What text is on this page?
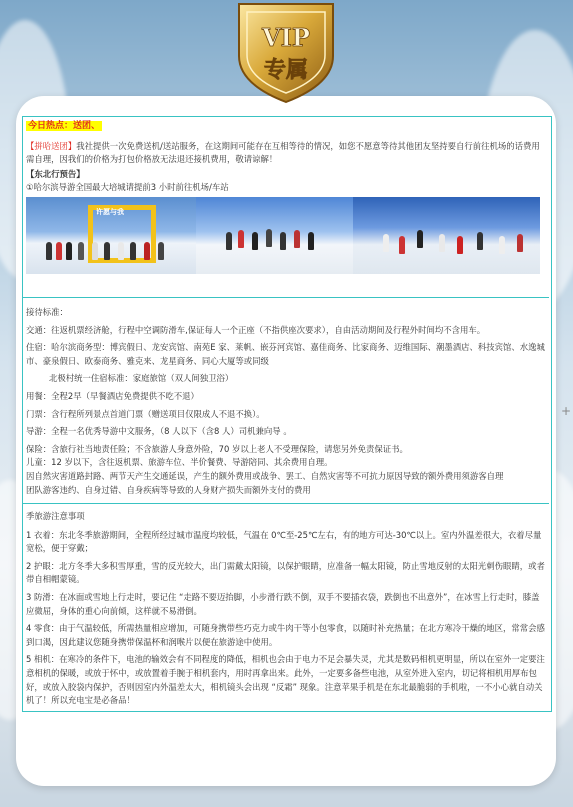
VIP
专属
+

今日热点：送团、

【拼哈送团】我社提供一次免费送机/送站服务，在这期间可能存在互相等待的情况，如您不愿意等待其他团友坚持要自行前往机场的话费用需自理，因我们的价格为打包价格放无法退还接机费用，敬请谅解！

【东北行预告】

①哈尔滨导游全国最大培城请提前3 小时前往机场/车站

许愿与我

接待标准：

交通：往返机票经济舱，行程中空调防滑车,保证每人一个正座（不指供座次要求），自由活动期间及行程外时间均不含用车。

住宿：哈尔滨商务型：博宾假日、龙安宾馆、南苑E 家、莱帆、嵌芬河宾馆、嘉佳商务、比家商务、迈维国际、潮墨酒店、科技宾馆、水逸城市、豪泉假日、欧泰商务、雅克来、龙星商务、同心大厦等或同级

北极村统一住宿标准：家庭旅馆（双人间独卫浴）

用餐：全程2早（早餐酒店免费提供不吃不退）

门票：含行程所列景点首道门票（赠送项目仅限成人不退不换）。

导游：全程一名优秀导游中文服务，（8 人以下（含8 人）司机兼向导 。

保险：含旅行社当地责任险；不含旅游人身意外险，70 岁以上老人不受理保险，请您另外免责保证书。

儿童：12 岁以下，含往返机票、旅游车位、半价餐费、导游陪同、其余费用自理。

因自然灾害道路封路、两节天产生交通延误，产生的额外费用或战争、罢工、自然灾害等不可抗力原因导致的额外费用须游客自理

团队游客违约、自身过错、自身疾病等导致的人身财产损失而额外支付的费用

季旅游注意事项

1 衣着：东北冬季旅游期间，全程所经过城市温度均较低，气温在 0℃至-25℃左右，有的地方可达-30℃以上。室内外温差很大，衣着尽量宽松，便于穿戴；

2 护眼：北方冬季大多积雪厚重，雪的反光较大，出门需戴太阳镜，以保护眼睛，应准备一幅太阳镜，防止雪地反射的太阳光刺伤眼睛，或者带自相帽蒙镜。

3 防滑：在冰面或雪地上行走时，要记住 “走路不要迈抬脚，小步滑行跌不倒，双手不要插衣袋，跌倒也不出意外”，在冰雪上行走时，膝盖应微屈，身体的重心向前倾，这样就不易滑倒。

4 零食：由于气温较低，所需热量相应增加，可随身携带些巧克力或牛肉干等小包零食，以随时补充热量；在北方寒冷干燥的地区，常常会感到口渴，因此建议您随身携带保温杯和润喉片以便在旅游途中使用。

5 相机：在寒冷的条件下，电池的输效会有不同程度的降低，相机也会由于电力不足会暴失灵，尤其是数码相机更明显，所以在室外一定要注意相机的保暖，或放于怀中，或放置着手腕于相机套内，用时再拿出来。此外，一定要多备些电池，从室外进入室内，切记将相机用厚布包好，或放入胶袋内保护，否则因室内外温差太大，相机镜头会出现 “反霜” 现象。注意苹果手机是在东北最脆弱的手机啦，一不小心就自动关机了！所以充电宝是必备品！
